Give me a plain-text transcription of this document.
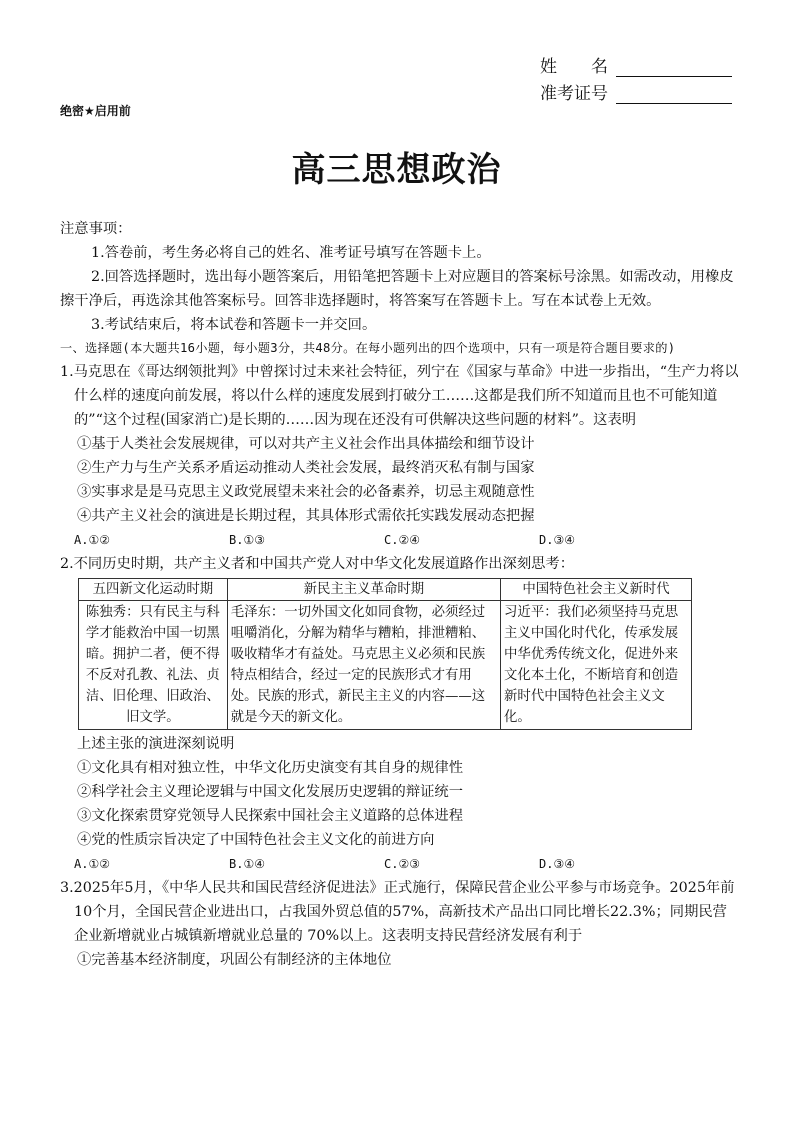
姓　　名
准考证号
绝密★启用前
高三思想政治

注意事项：

1.答卷前，考生务必将自己的姓名、准考证号填写在答题卡上。

2.回答选择题时，选出每小题答案后，用铅笔把答题卡上对应题目的答案标号涂黑。如需改动，用橡皮擦干净后，再选涂其他答案标号。回答非选择题时，将答案写在答题卡上。写在本试卷上无效。

3.考试结束后，将本试卷和答题卡一并交回。

一、选择题(本大题共16小题，每小题3分，共48分。在每小题列出的四个选项中，只有一项是符合题目要求的)

1.马克思在《哥达纲领批判》中曾探讨过未来社会特征，列宁在《国家与革命》中进一步指出，“生产力将以什么样的速度向前发展，将以什么样的速度发展到打破分工……这都是我们所不知道而且也不可能知道的”“这个过程(国家消亡)是长期的……因为现在还没有可供解决这些问题的材料”。这表明

①基于人类社会发展规律，可以对共产主义社会作出具体描绘和细节设计

②生产力与生产关系矛盾运动推动人类社会发展，最终消灭私有制与国家

③实事求是是马克思主义政党展望未来社会的必备素养，切忌主观随意性

④共产主义社会的演进是长期过程，其具体形式需依托实践发展动态把握

A.①②	B.①③	C.②④	D.③④

2.不同历史时期，共产主义者和中国共产党人对中华文化发展道路作出深刻思考：

五四新文化运动时期	新民主主义革命时期	中国特色社会主义新时代
陈独秀：只有民主与科学才能救治中国一切黑暗。拥护二者，便不得不反对孔教、礼法、贞洁、旧伦理、旧政治、旧文学。	毛泽东：一切外国文化如同食物，必须经过咀嚼消化，分解为精华与糟粕，排泄糟粕、吸收精华才有益处。马克思主义必须和民族特点相结合，经过一定的民族形式才有用处。民族的形式，新民主主义的内容——这就是今天的新文化。	习近平：我们必须坚持马克思主义中国化时代化，传承发展中华优秀传统文化，促进外来文化本土化，不断培育和创造新时代中国特色社会主义文化。

上述主张的演进深刻说明

①文化具有相对独立性，中华文化历史演变有其自身的规律性

②科学社会主义理论逻辑与中国文化发展历史逻辑的辩证统一

③文化探索贯穿党领导人民探索中国社会主义道路的总体进程

④党的性质宗旨决定了中国特色社会主义文化的前进方向

A.①②	B.①④	C.②③	D.③④

3.2025年5月，《中华人民共和国民营经济促进法》正式施行，保障民营企业公平参与市场竞争。2025年前10个月，全国民营企业进出口，占我国外贸总值的57%，高新技术产品出口同比增长22.3%；同期民营企业新增就业占城镇新增就业总量的 70%以上。这表明支持民营经济发展有利于

①完善基本经济制度，巩固公有制经济的主体地位
